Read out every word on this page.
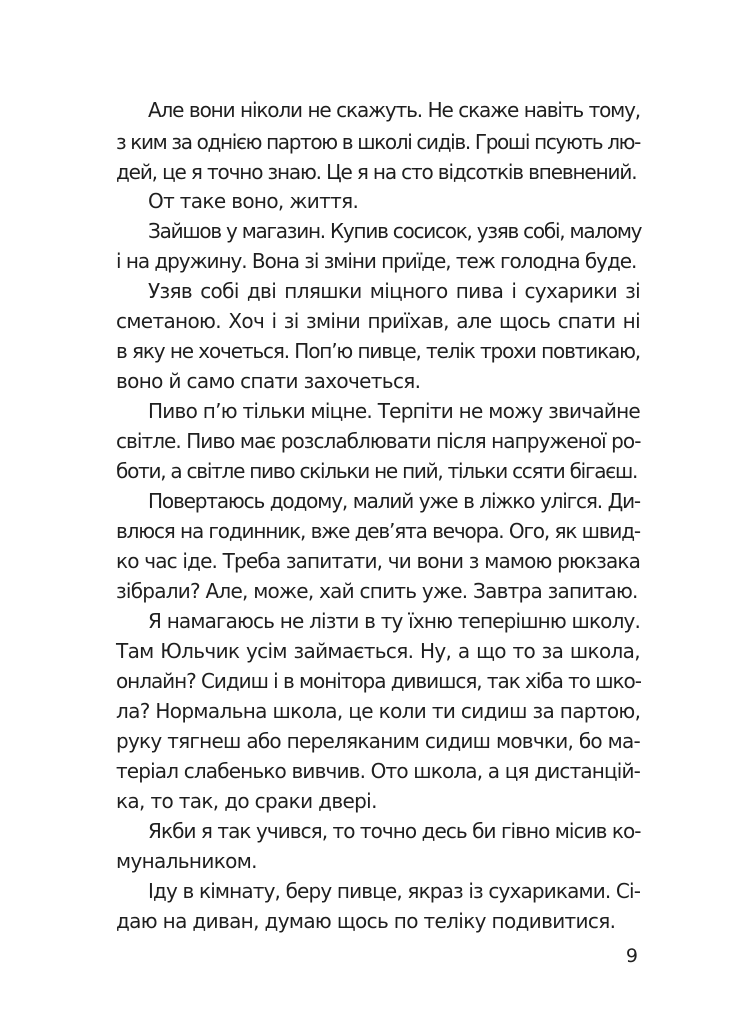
Але вони ніколи не скажуть. Не скаже навіть тому,
з ким за однією партою в школі сидів. Гроші псують лю-
дей, це я точно знаю. Це я на сто відсотків впевнений.
От таке воно, життя.
Зайшов у магазин. Купив сосисок, узяв собі, малому
і на дружину. Вона зі зміни приїде, теж голодна буде.
Узяв собі дві пляшки міцного пива і сухарики зі
сметаною. Хоч і зі зміни приїхав, але щось спати ні
в яку не хочеться. Поп’ю пивце, телік трохи повтикаю,
воно й само спати захочеться.
Пиво п’ю тільки міцне. Терпіти не можу звичайне
світле. Пиво має розслаблювати після напруженої ро-
боти, а світле пиво скільки не пий, тільки ссяти бігаєш.
Повертаюсь додому, малий уже в ліжко улігся. Ди-
влюся на годинник, вже дев’ята вечора. Ого, як швид-
ко час іде. Треба запитати, чи вони з мамою рюкзака
зібрали? Але, може, хай спить уже. Завтра запитаю.
Я намагаюсь не лізти в ту їхню теперішню школу.
Там Юльчик усім займається. Ну, а що то за школа,
онлайн? Сидиш і в монітора дивишся, так хіба то шко-
ла? Нормальна школа, це коли ти сидиш за партою,
руку тягнеш або переляканим сидиш мовчки, бо ма-
теріал слабенько вивчив. Ото школа, а ця дистанцій-
ка, то так, до сраки двері.
Якби я так учився, то точно десь би гівно місив ко-
мунальником.
Іду в кімнату, беру пивце, якраз із сухариками. Сі-
даю на диван, думаю щось по теліку подивитися.
9
